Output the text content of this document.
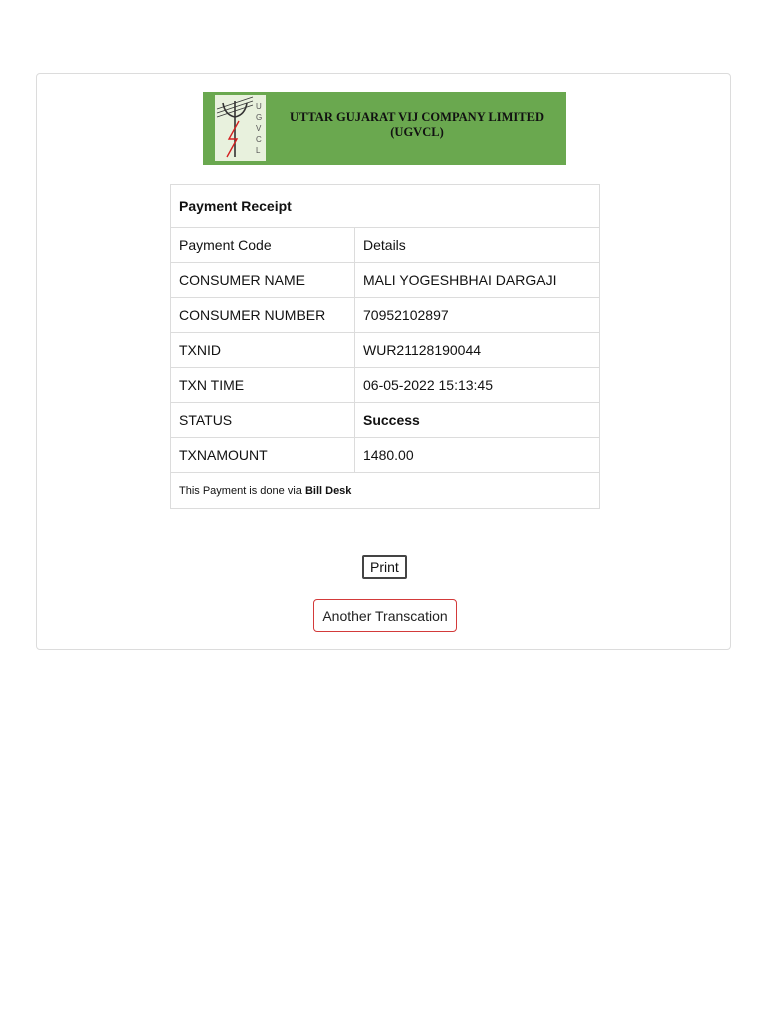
U
G
V
C
L
UTTAR GUJARAT VIJ COMPANY LIMITED
(UGVCL)
Payment Receipt	
Payment Code	Details
CONSUMER NAME	MALI YOGESHBHAI DARGAJI
CONSUMER NUMBER	70952102897
TXNID	WUR21128190044
TXN TIME	06-05-2022 15:13:45
STATUS	Success
TXNAMOUNT	1480.00
This Payment is done via Bill Desk	
Print
Another Transcation
